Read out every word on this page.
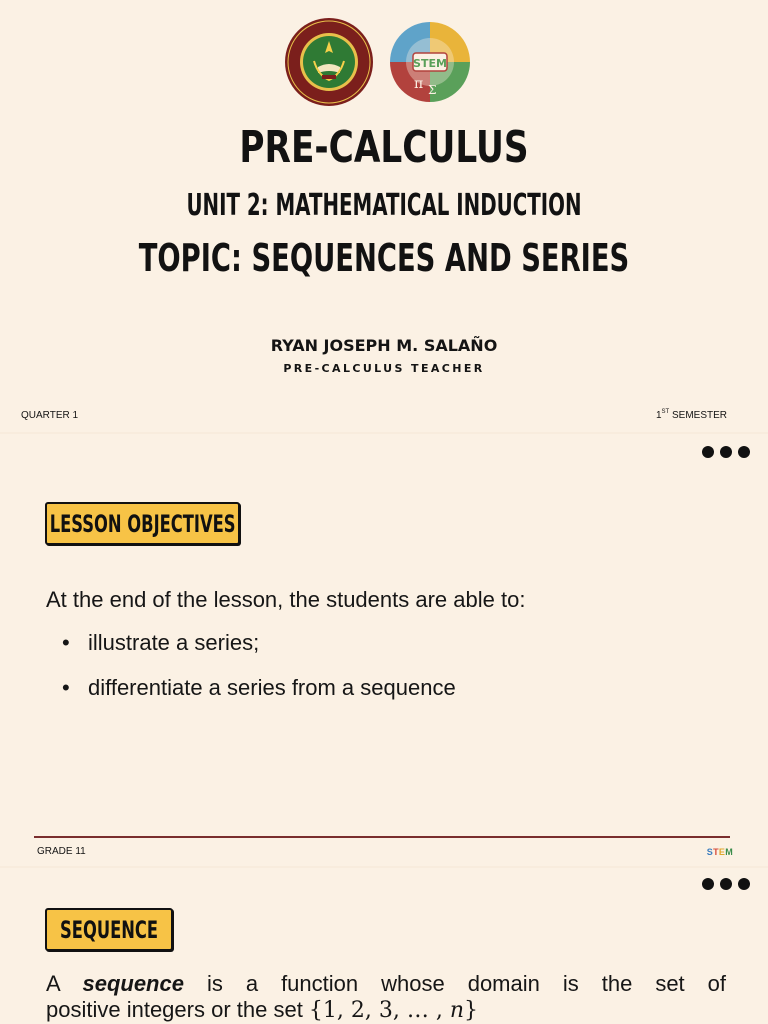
STEM
π Σ
PRE-CALCULUS
UNIT 2: MATHEMATICAL INDUCTION
TOPIC: SEQUENCES AND SERIES
RYAN JOSEPH M. SALAÑO
PRE-CALCULUS TEACHER
QUARTER 1	1ST SEMESTER
LESSON OBJECTIVES
At the end of the lesson, the students are able to:
• illustrate a series;
• differentiate a series from a sequence
GRADE 11	STEM
SEQUENCE
A sequence is a function whose domain is the set of
positive integers or the set {1, 2, 3, … , 𝑛}
